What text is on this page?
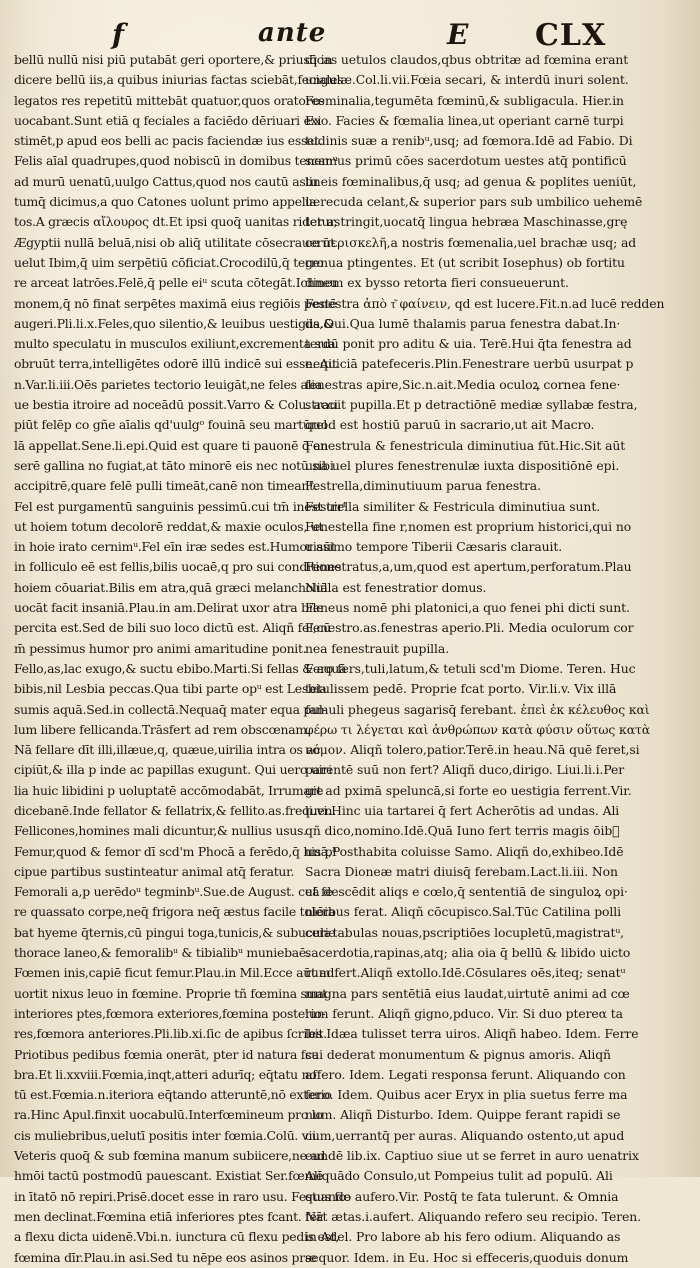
f	ante	E CLX
bellū nullū nisi piū putabāt geri oportere,& priusq̄ in
dicere bellū iis,a quibus iniurias factas sciebāt,feciales
legatos res repetitū mittebāt quatuor,quos oratores
uocabant.Sunt etiā q feciales a faciēdo dēriuari exi
stimēt,p apud eos belli ac pacis faciendæ ius esset.
Felis aīal quadrupes,quod nobiscū in domibus tenemᵘ
ad murū uenatū,uulgo Cattus,quod nos cautū astu
tumq̄ dicimus,a quo Catones uolunt primo appella
tos.A græcis αἴλουρος dt.Et ipsi quoq̄ uanitas ridetur,
Ægyptii nullā beluā,nisi ob aliq̄ utilitate cōsecrauerūt
uelut Ibim,q̄ uim serpētiū cōficiat.Crocodilū,q̄ terro
re arceat latrōes.Felē,q̄ pelle eiᵘ scuta cōtegāt.Ichneu
monem,q̄ nō finat serpētes maximā eius regiōis pestē
augeri.Pli.li.x.Feles,quo silentio,& leuibus uestigiis,&
multo speculatu in musculos exiliunt,excrementa sua
obruūt terra,intelligētes odorē illū indicē sui esse. Ait
n.Var.li.iii.Oēs parietes tectorio leuigāt,ne feles alia
ue bestia itroire ad noceādū possit.Varro & Colu. acci
piūt felēp co gñe aīalis qd'uulgᵒ fouinā seu martūrel
lā appellat.Sene.li.epi.Quid est quare ti pauonē q̄ an
serē gallina no fugiat,at tāto minorē eis nec notū sibi
accipitrē,quare felē pulli timeāt,canē non timeant.
Fel est purgamentū sanguinis pessimū.cui tm̄ inest uirᵗ
ut hoiem totum decolorē reddat,& maxie oculos, ut
in hoie irato cernimᵘ.Fel eīn iræ sedes est.Humor aūt
in folliculo eē est fellis,bilis uocaē,q pro sui conditione
hoiem cōuariat.Bilis em atra,quā græci melancholiā
uocāt facit insaniā.Plau.in am.Delirat uxor atra bile
percita est.Sed de bili suo loco dictū est. Aliqñ fel,cū
m̄ pessimus humor pro animi amaritudine ponit.
Fello,as,lac exugo,& suctu ebibo.Marti.Si fellas & aquā
bibis,nil Lesbia peccas.Qua tibi parte opᵘ est Lesbia
sumis aquā.Sed.in collectā.Nequaq̄ mater equa pul-
lum libere fellicanda.Trāsfert ad rem obscœnam.
Nā fellare dīt illi,illæue,q, quæue,uirilia intra os ac
cipiūt,& illa p inde ac papillas exugunt. Qui uero uiri
lia huic libidini p uoluptatē accōmodabāt, Irrumare
dicebanē.Inde fellator & fellatrix,& fellito.as.frequen.
Fellicones,homines mali dicuntur,& nullius usus.
Femur,quod & femor dī scd'm Phocā a ferēdo,q̄ his pᵃ
cipue partibus sustinteatur animal atq̄ feratur.
Femorali a,p uerēdoᵘ tegminbᵘ.Sue.de August. cut fe
re quassato corpe,neq̄ frigora neq̄ æstus facile tolera
bat hyeme q̄ternis,cū pingui toga,tunicis,& subuculæ
thorace laneo,& femoralibᵘ & tibialibᵘ muniebaē.
Fœmen inis,capiē ficut femur.Plau.in Mil.Ecce aūt ad
uortit nixus leuo in fœmine. Proprie tñ fœmina sunt
interiores ptes,fœmora exteriores,fœmina posterio-
res,fœmora anteriores.Pli.lib.xi.ſic de apibus ſcribit.
Priotibus pedibus fœmia onerāt, pter id natura fca
bra.Et li.xxviii.Fœmia,inqt,atteri adurīq; eq̄tatu no
tū est.Fœmia.n.iteriora eq̄tando atteruntē,nō exterio
ra.Hinc Apul.finxit uocabulū.Interfœmineum pro lo
cis muliebribus,uelutī positis inter fœmia.Colū. vii.
Veteris quoq̄ & sub fœmina manum subiicere,ne ad
hmōi tactū postmodū pauescant. Existiat Ser.fœmē
in ītatō nō repiri.Prisē.docet esse in raro usu. Festus fœ
men declinat.Fœmina etiā inferiores ptes fcant. Nā
a flexu dicta uidenē.Vbi.n. iunctura cū flexu pedis est,
fœmina dīr.Plau.in asi.Sed tu nēpe eos asinos præ
dicas uetulos claudos,qbus obtritæ ad fœmina erant
ungulæ.Col.li.vii.Fœia secari, & interdū inuri solent.
Fœminalia,tegumēta fœminū,& subligacula. Hier.in
Exo. Facies & fœmalia linea,ut operiant carnē turpi
tudinis suæ a renibᵘ,usq; ad fœmora.Idē ad Fabio. Di
scamus primū cōes sacerdotum uestes atq̄ pontificū
lineis fœminalibus,q̄ usq; ad genua & poplites ueniūt,
uerecuda celant,& superior pars sub umbilico uehemē
ter astringit,uocatq̄ lingua hebræa Maschinasse,grę
ce περισκελῆ,a nostris fœmenalia,uel brachæ usq; ad
genua ptingentes. Et (ut scribit Iosephus) ob fortitu
dinem ex bysso retorta fieri consueuerunt.
Fenestra ἀπὸ τ͂ φαίνειν, qd est lucere.Fit.n.ad lucē redden
da.Oui.Qua lumē thalamis parua fenestra dabat.In·
terdū ponit pro aditu & uia. Terē.Hui q̄ta fenestra ad
nequiciā patefeceris.Plin.Fenestrare uerbū usurpat p
fenestras apire,Sic.n.ait.Media oculoꝝ cornea fene·
strauit pupilla.Et p detractiōnē mediæ syllabæ festra,
quod est hostiū paruū in sacrario,ut ait Macro.
Fenestrula & fenestricula diminutiua fūt.Hic.Sit aūt
una uel plures fenestrenulæ iuxta dispositiōnē epi.
Festrella,diminutiuum parua fenestra.
Festrella similiter & Festricula diminutiua sunt.
Fenestella fine r,nomen est proprium historici,qui no
uissimo tempore Tiberii Cæsaris clarauit.
Fenestratus,a,um,quod est apertum,perforatum.Plau
Nulla est fenestratior domus.
Feneus nomē phi platonici,a quo fenei phi dicti sunt.
Fenestro.as.fenestras aperio.Pli. Media oculorum cor
nea fenestrauit pupilla.
Fero fers,tuli,latum,& tetuli scd'm Diome. Teren. Huc
tetulissem pedē. Proprie fcat porto. Vir.li.v. Vix illā
famuli phegeus sagarisq̄ ferebant. ἐπεὶ ἐκ κέλευθος καὶ
φέρω τι λέγεται καὶ ἀνθρώπων κατὰ φύσιν οὕτως κατὰ
νόμον. Aliqñ tolero,patior.Terē.in heau.Nā quē feret,si
parentē suū non fert? Aliqñ duco,dirigo. Liui.li.i.Per
git ad pximā speluncā,si forte eo uestigia ferrent.Vir.
li.vi.Hinc uia tartarei q̄ fert Acherōtis ad undas. Ali
qñ dico,nomino.Idē.Quā Iuno fert terris magis ōib᷑
unā,Posthabita coluisse Samo. Aliqñ do,exhibeo.Idē
Sacra Dioneæ matri diuisq̄ ferebam.Lact.li.iii. Non
eā descēdit aliqs e cœlo,q̄ sententiā de singuloꝝ opi·
niōibus ferat. Aliqñ cōcupisco.Sal.Tūc Catilina polli
ceri tabulas nouas,pscriptiōes locupletū,magistratᵘ,
sacerdotia,rapinas,atq; alia oia q̄ bellū & libido uicto
rum fert.Aliqñ extollo.Idē.Cōsulares oēs,iteq; senatᵘ
magna pars sentētiā eius laudat,uirtutē animi ad cœ
lum ferunt. Aliqñ gigno,pduco. Vir. Si duo ptereα ta
les Idæa tulisset terra uiros. Aliqñ habeo. Idem. Ferre
sui dederat monumentum & pignus amoris. Aliqñ
affero. Idem. Legati responsa ferunt. Aliquando con
fero. Idem. Quibus acer Eryx in plia suetus ferre ma
num. Aliqñ Disturbo. Idem. Quippe ferant rapidi se
cum,uerrantq̄ per auras. Aliquando ostento,ut apud
eundē lib.ix. Captiuo siue ut se ferret in auro uenatrix
Aliquādo Consulo,ut Pompeius tulit ad populū. Ali
quando aufero.Vir. Postq̄ te fata tulerunt. & Omnia
fert ætas.i.aufert. Aliquando refero seu recipio. Teren.
in Adel. Pro labore ab his fero odium. Aliquando as
sequor. Idem. in Eu. Hoc si effeceris,quoduis donum
